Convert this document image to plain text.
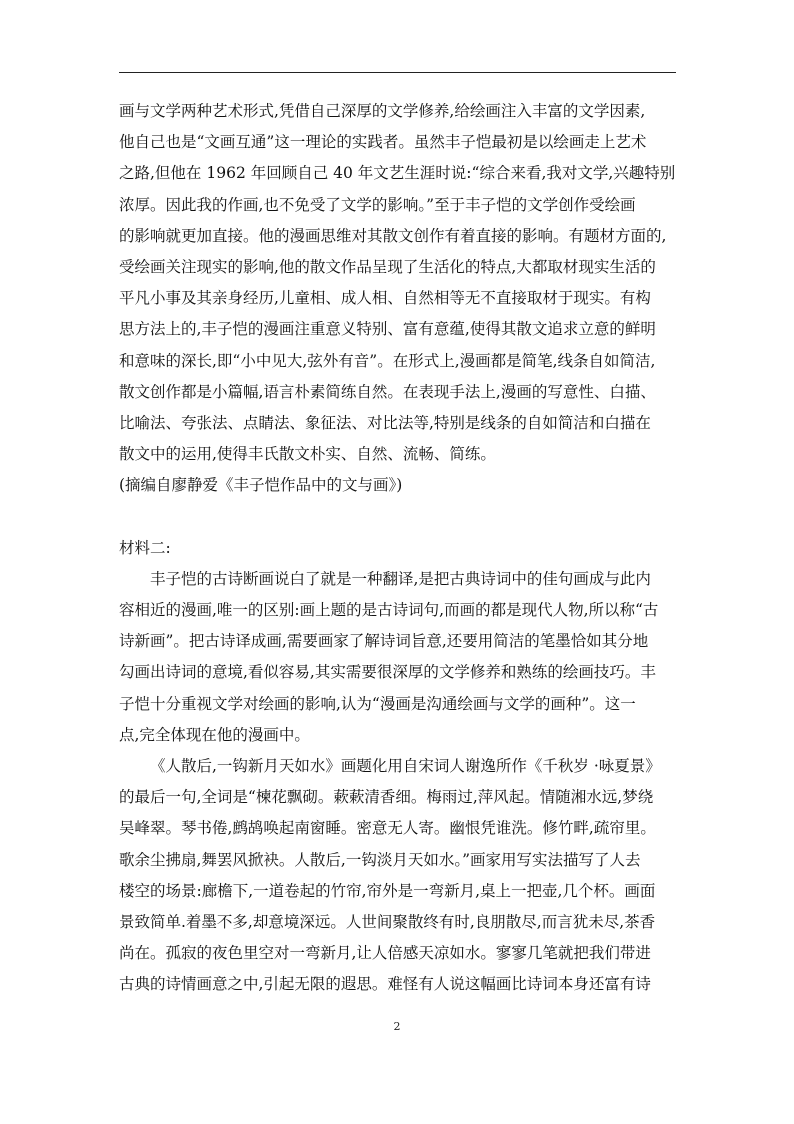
画与文学两种艺术形式,凭借自己深厚的文学修养,给绘画注入丰富的文学因素,
他自己也是“文画互通”这一理论的实践者。虽然丰子恺最初是以绘画走上艺术
之路,但他在 1962 年回顾自己 40 年文艺生涯时说:“综合来看,我对文学,兴趣特别
浓厚。因此我的作画,也不免受了文学的影响。”至于丰子恺的文学创作受绘画
的影响就更加直接。他的漫画思维对其散文创作有着直接的影响。有题材方面的,
受绘画关注现实的影响,他的散文作品呈现了生活化的特点,大都取材现实生活的
平凡小事及其亲身经历,儿童相、成人相、自然相等无不直接取材于现实。有构
思方法上的,丰子恺的漫画注重意义特别、富有意蕴,使得其散文追求立意的鲜明
和意味的深长,即“小中见大,弦外有音”。在形式上,漫画都是简笔,线条自如简洁,
散文创作都是小篇幅,语言朴素简练自然。在表现手法上,漫画的写意性、白描、
比喻法、夸张法、点睛法、象征法、对比法等,特别是线条的自如简洁和白描在
散文中的运用,使得丰氏散文朴实、自然、流畅、简练。
(摘编自廖静爱《丰子恺作品中的文与画》)
材料二:
丰子恺的古诗断画说白了就是一种翻译,是把古典诗词中的佳句画成与此内
容相近的漫画,唯一的区别:画上题的是古诗词句,而画的都是现代人物,所以称“古
诗新画”。把古诗译成画,需要画家了解诗词旨意,还要用简洁的笔墨恰如其分地
勾画出诗词的意境,看似容易,其实需要很深厚的文学修养和熟练的绘画技巧。丰
子恺十分重视文学对绘画的影响,认为“漫画是沟通绘画与文学的画种”。这一
点,完全体现在他的漫画中。
《人散后,一钩新月天如水》画题化用自宋词人谢逸所作《千秋岁 ·咏夏景》
的最后一句,全词是“楝花飘砌。蔌蔌清香细。梅雨过,萍风起。情随湘水远,梦绕
吴峰翠。琴书倦,鹧鸪唤起南窗睡。密意无人寄。幽恨凭谁洗。修竹畔,疏帘里。
歌余尘拂扇,舞罢风掀袂。人散后,一钩淡月天如水。”画家用写实法描写了人去
楼空的场景:廊檐下,一道卷起的竹帘,帘外是一弯新月,桌上一把壶,几个杯。画面
景致简单.着墨不多,却意境深远。人世间聚散终有时,良朋散尽,而言犹未尽,茶香
尚在。孤寂的夜色里空对一弯新月,让人倍感天凉如水。寥寥几笔就把我们带进
古典的诗情画意之中,引起无限的遐思。难怪有人说这幅画比诗词本身还富有诗
2
